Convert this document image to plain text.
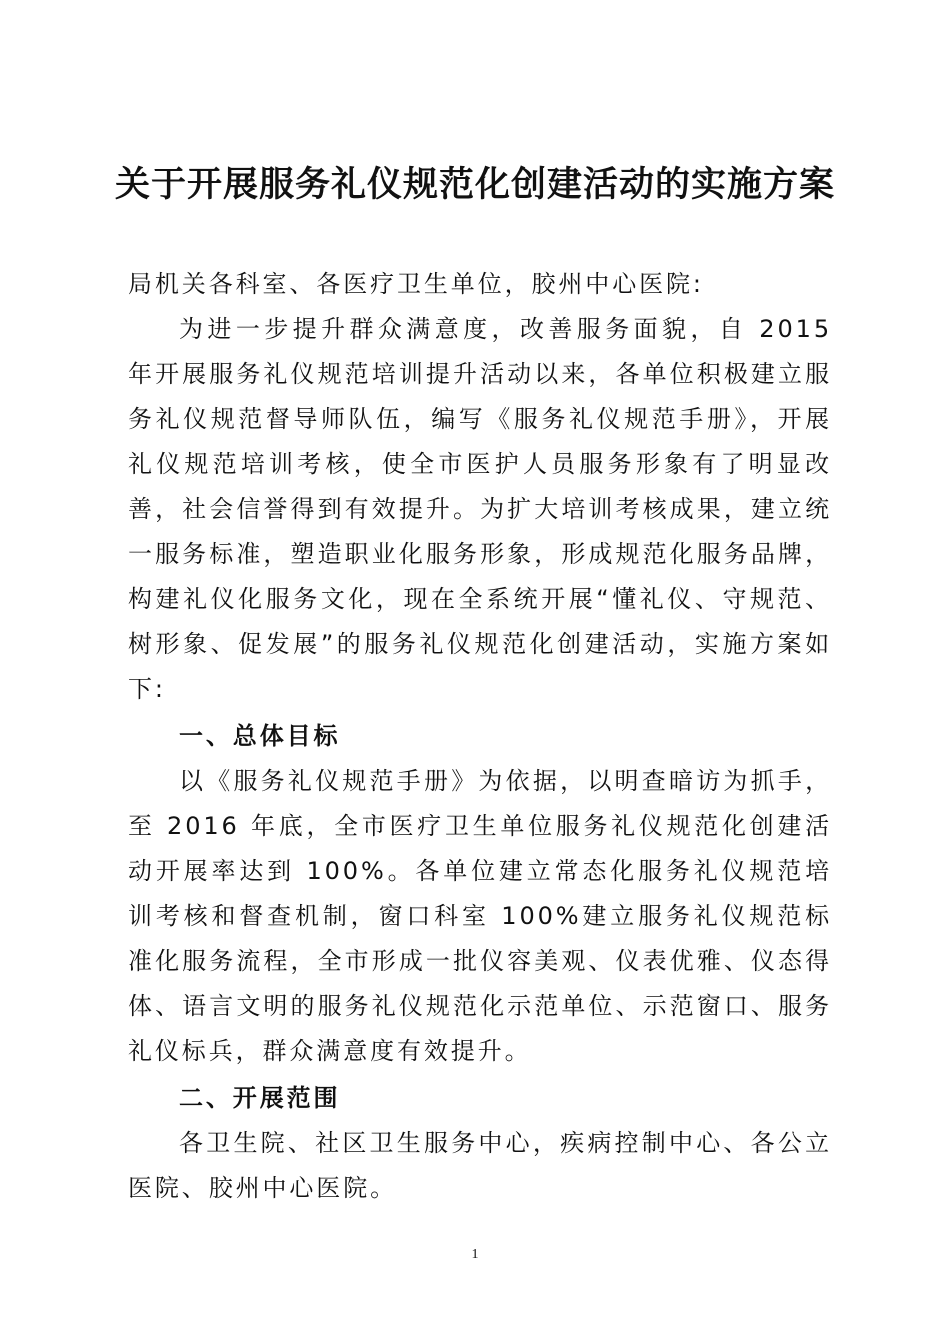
关于开展服务礼仪规范化创建活动的实施方案

局机关各科室、各医疗卫生单位，胶州中心医院:

为进一步提升群众满意度，改善服务面貌，自 2015 年开展服务礼仪规范培训提升活动以来，各单位积极建立服务礼仪规范督导师队伍，编写《服务礼仪规范手册》，开展礼仪规范培训考核，使全市医护人员服务形象有了明显改善，社会信誉得到有效提升。为扩大培训考核成果，建立统一服务标准，塑造职业化服务形象，形成规范化服务品牌，构建礼仪化服务文化，现在全系统开展“懂礼仪、守规范、树形象、促发展”的服务礼仪规范化创建活动，实施方案如下:

一、总体目标

以《服务礼仪规范手册》为依据，以明查暗访为抓手，至 2016 年底，全市医疗卫生单位服务礼仪规范化创建活动开展率达到 100%。各单位建立常态化服务礼仪规范培训考核和督查机制，窗口科室 100%建立服务礼仪规范标准化服务流程，全市形成一批仪容美观、仪表优雅、仪态得体、语言文明的服务礼仪规范化示范单位、示范窗口、服务礼仪标兵，群众满意度有效提升。

二、开展范围

各卫生院、社区卫生服务中心，疾病控制中心、各公立医院、胶州中心医院。

1
